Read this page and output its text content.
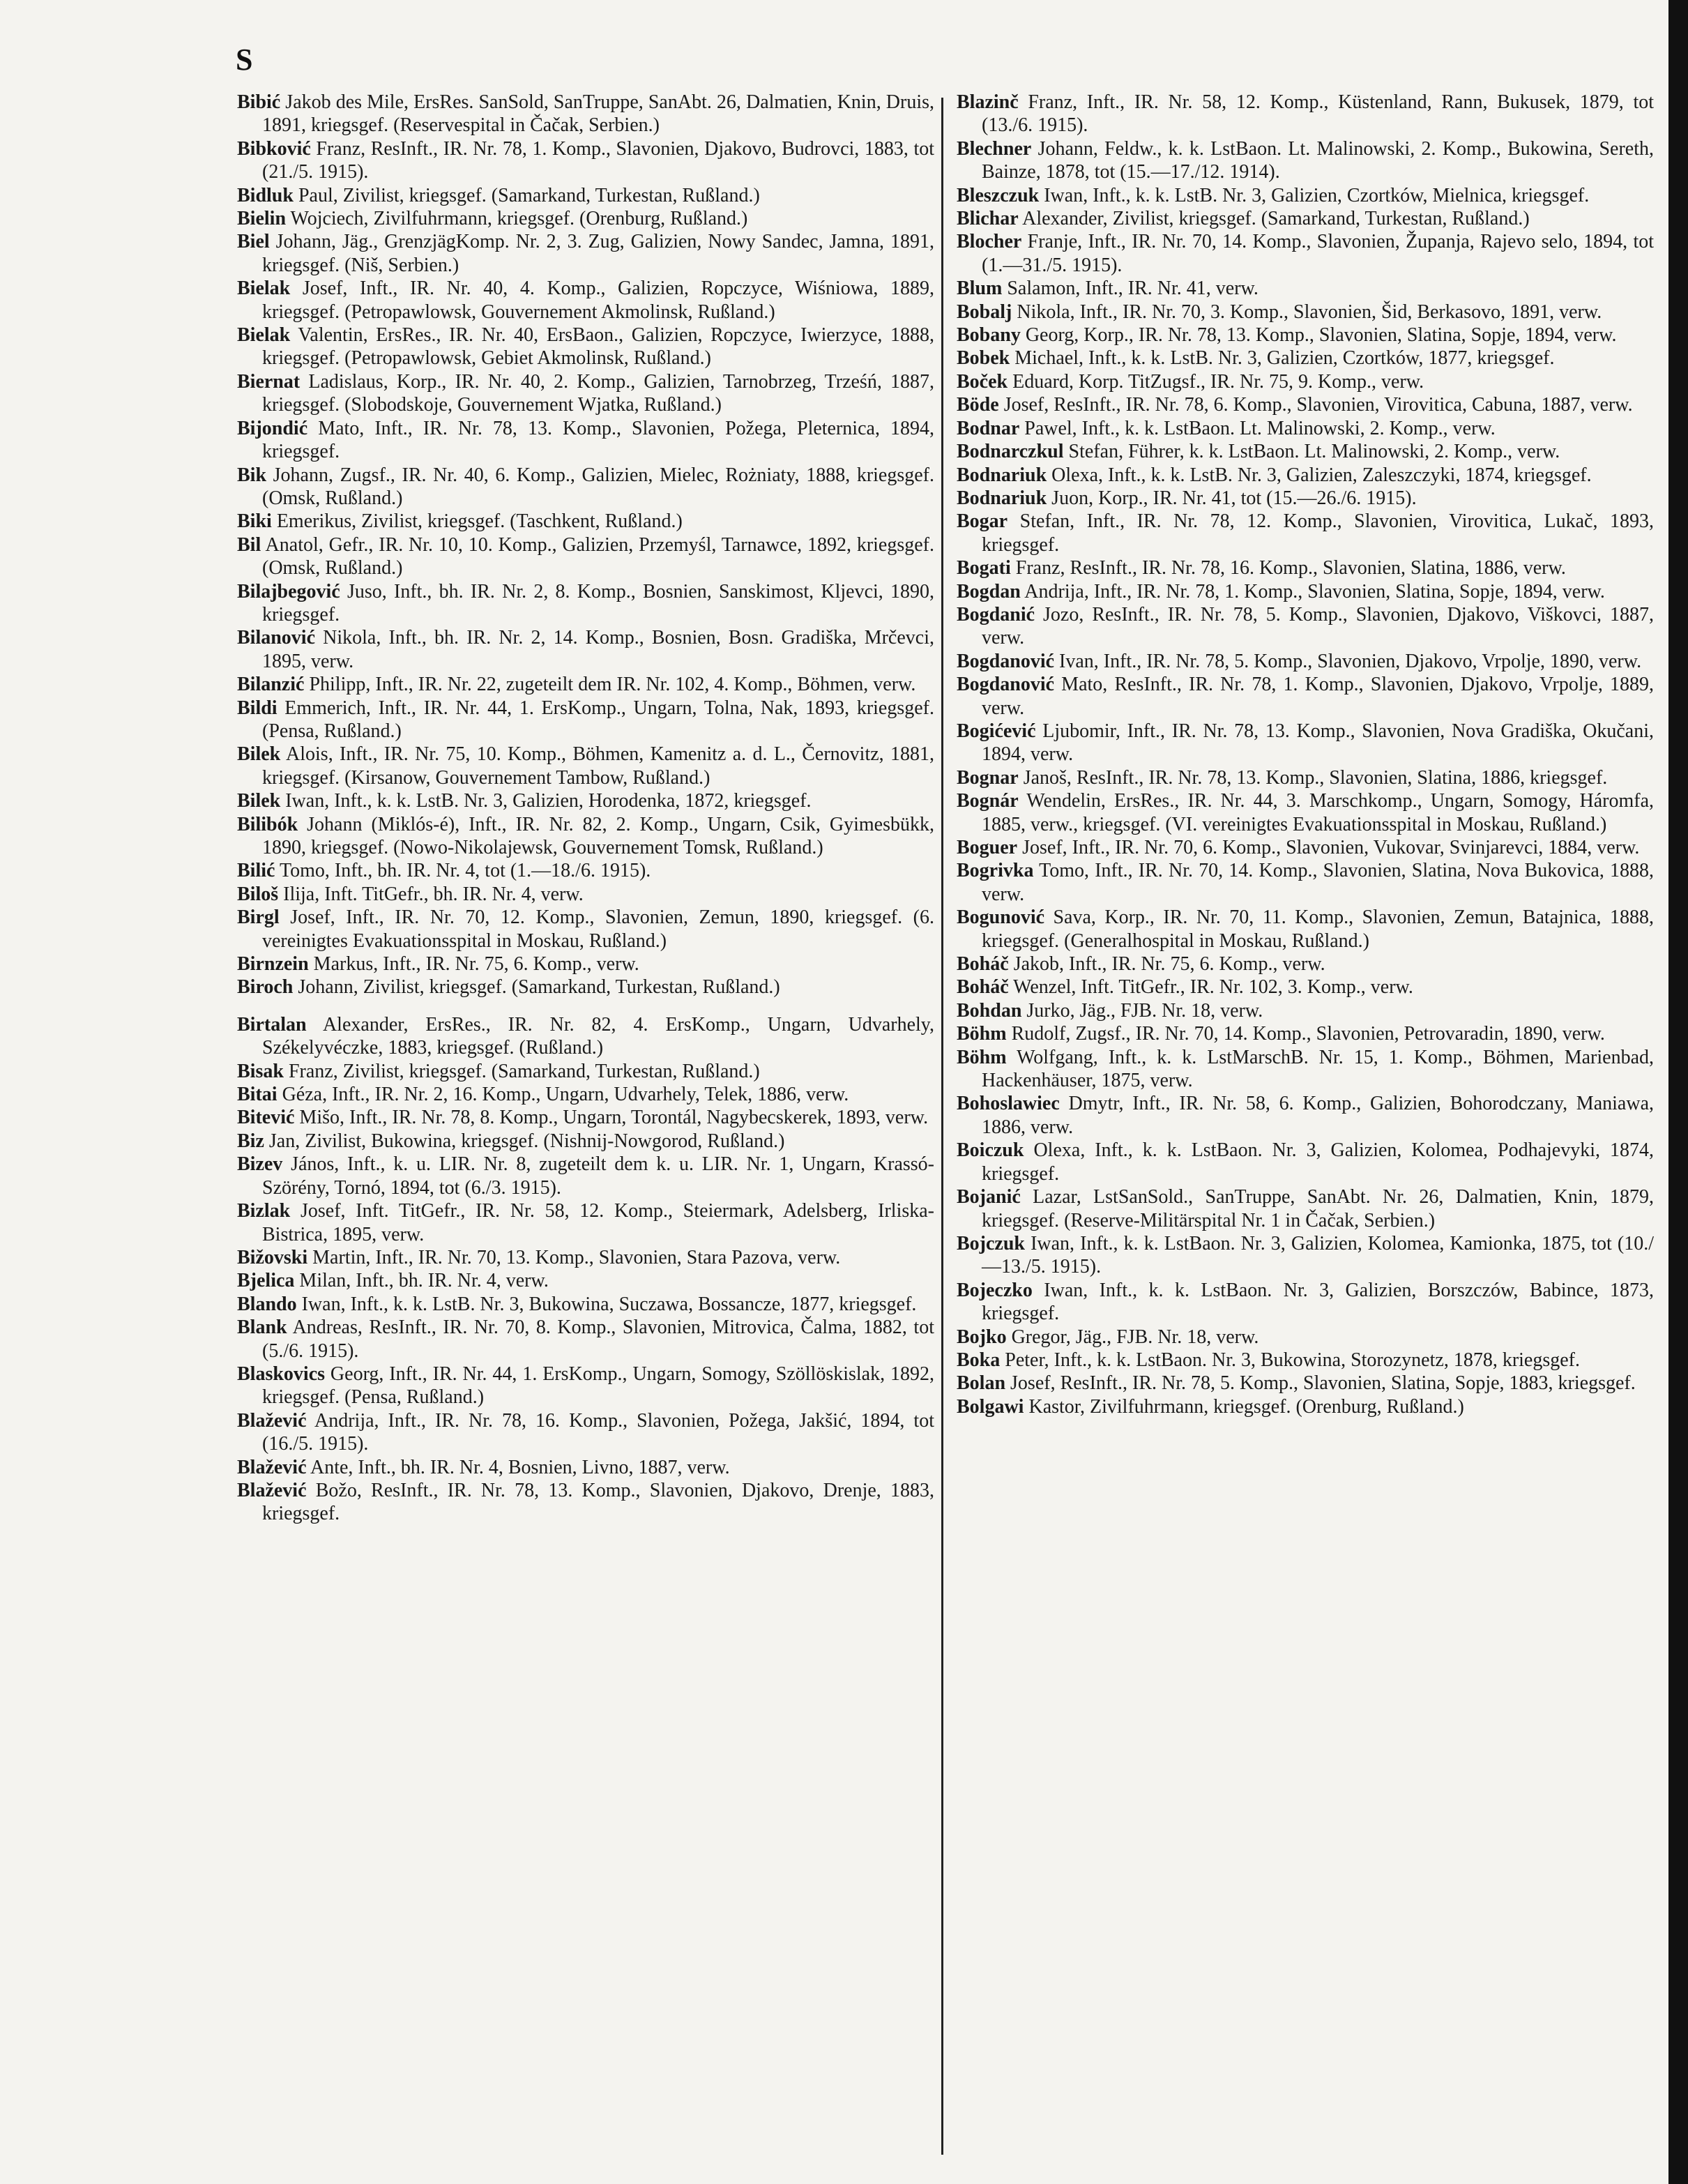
S

Bibić Jakob des Mile, ErsRes. SanSold, SanTruppe, SanAbt. 26, Dalmatien, Knin, Druis, 1891, kriegsgef. (Reservespital in Čačak, Serbien.)

Bibković Franz, ResInft., IR. Nr. 78, 1. Komp., Slavonien, Djakovo, Budrovci, 1883, tot (21./5. 1915).

Bidluk Paul, Zivilist, kriegsgef. (Samarkand, Turkestan, Rußland.)

Bielin Wojciech, Zivilfuhrmann, kriegsgef. (Orenburg, Rußland.)

Biel Johann, Jäg., GrenzjägKomp. Nr. 2, 3. Zug, Galizien, Nowy Sandec, Jamna, 1891, kriegsgef. (Niš, Serbien.)

Bielak Josef, Inft., IR. Nr. 40, 4. Komp., Galizien, Ropczyce, Wiśniowa, 1889, kriegsgef. (Petropawlowsk, Gouvernement Akmolinsk, Rußland.)

Bielak Valentin, ErsRes., IR. Nr. 40, ErsBaon., Galizien, Ropczyce, Iwierzyce, 1888, kriegsgef. (Petropawlowsk, Gebiet Akmolinsk, Rußland.)

Biernat Ladislaus, Korp., IR. Nr. 40, 2. Komp., Galizien, Tarnobrzeg, Trześń, 1887, kriegsgef. (Slobodskoje, Gouvernement Wjatka, Rußland.)

Bijondić Mato, Inft., IR. Nr. 78, 13. Komp., Slavonien, Požega, Pleternica, 1894, kriegsgef.

Bik Johann, Zugsf., IR. Nr. 40, 6. Komp., Galizien, Mielec, Rożniaty, 1888, kriegsgef. (Omsk, Rußland.)

Biki Emerikus, Zivilist, kriegsgef. (Taschkent, Rußland.)

Bil Anatol, Gefr., IR. Nr. 10, 10. Komp., Galizien, Przemyśl, Tarnawce, 1892, kriegsgef. (Omsk, Rußland.)

Bilajbegović Juso, Inft., bh. IR. Nr. 2, 8. Komp., Bosnien, Sanskimost, Kljevci, 1890, kriegsgef.

Bilanović Nikola, Inft., bh. IR. Nr. 2, 14. Komp., Bosnien, Bosn. Gradiška, Mrčevci, 1895, verw.

Bilanzić Philipp, Inft., IR. Nr. 22, zugeteilt dem IR. Nr. 102, 4. Komp., Böhmen, verw.

Bildi Emmerich, Inft., IR. Nr. 44, 1. ErsKomp., Ungarn, Tolna, Nak, 1893, kriegsgef. (Pensa, Rußland.)

Bilek Alois, Inft., IR. Nr. 75, 10. Komp., Böhmen, Kamenitz a. d. L., Černovitz, 1881, kriegsgef. (Kirsanow, Gouvernement Tambow, Rußland.)

Bilek Iwan, Inft., k. k. LstB. Nr. 3, Galizien, Horodenka, 1872, kriegsgef.

Bilibók Johann (Miklós-é), Inft., IR. Nr. 82, 2. Komp., Ungarn, Csik, Gyimesbükk, 1890, kriegsgef. (Nowo-Nikolajewsk, Gouvernement Tomsk, Rußland.)

Bilić Tomo, Inft., bh. IR. Nr. 4, tot (1.—18./6. 1915).

Biloš Ilija, Inft. TitGefr., bh. IR. Nr. 4, verw.

Birgl Josef, Inft., IR. Nr. 70, 12. Komp., Slavonien, Zemun, 1890, kriegsgef. (6. vereinigtes Evakuationsspital in Moskau, Rußland.)

Birnzein Markus, Inft., IR. Nr. 75, 6. Komp., verw.

Biroch Johann, Zivilist, kriegsgef. (Samarkand, Turkestan, Rußland.)

Birtalan Alexander, ErsRes., IR. Nr. 82, 4. ErsKomp., Ungarn, Udvarhely, Székelyvéczke, 1883, kriegsgef. (Rußland.)

Bisak Franz, Zivilist, kriegsgef. (Samarkand, Turkestan, Rußland.)

Bitai Géza, Inft., IR. Nr. 2, 16. Komp., Ungarn, Udvarhely, Telek, 1886, verw.

Bitević Mišo, Inft., IR. Nr. 78, 8. Komp., Ungarn, Torontál, Nagybecskerek, 1893, verw.

Biz Jan, Zivilist, Bukowina, kriegsgef. (Nishnij-Nowgorod, Rußland.)

Bizev János, Inft., k. u. LIR. Nr. 8, zugeteilt dem k. u. LIR. Nr. 1, Ungarn, Krassó-Szörény, Tornó, 1894, tot (6./3. 1915).

Bizlak Josef, Inft. TitGefr., IR. Nr. 58, 12. Komp., Steiermark, Adelsberg, Irliska-Bistrica, 1895, verw.

Bižovski Martin, Inft., IR. Nr. 70, 13. Komp., Slavonien, Stara Pazova, verw.

Bjelica Milan, Inft., bh. IR. Nr. 4, verw.

Blando Iwan, Inft., k. k. LstB. Nr. 3, Bukowina, Suczawa, Bossancze, 1877, kriegsgef.

Blank Andreas, ResInft., IR. Nr. 70, 8. Komp., Slavonien, Mitrovica, Čalma, 1882, tot (5./6. 1915).

Blaskovics Georg, Inft., IR. Nr. 44, 1. ErsKomp., Ungarn, Somogy, Szöllöskislak, 1892, kriegsgef. (Pensa, Rußland.)

Blažević Andrija, Inft., IR. Nr. 78, 16. Komp., Slavonien, Požega, Jakšić, 1894, tot (16./5. 1915).

Blažević Ante, Inft., bh. IR. Nr. 4, Bosnien, Livno, 1887, verw.

Blažević Božo, ResInft., IR. Nr. 78, 13. Komp., Slavonien, Djakovo, Drenje, 1883, kriegsgef.

Blazinč Franz, Inft., IR. Nr. 58, 12. Komp., Küstenland, Rann, Bukusek, 1879, tot (13./6. 1915).

Blechner Johann, Feldw., k. k. LstBaon. Lt. Malinowski, 2. Komp., Bukowina, Sereth, Bainze, 1878, tot (15.—17./12. 1914).

Bleszczuk Iwan, Inft., k. k. LstB. Nr. 3, Galizien, Czortków, Mielnica, kriegsgef.

Blichar Alexander, Zivilist, kriegsgef. (Samarkand, Turkestan, Rußland.)

Blocher Franje, Inft., IR. Nr. 70, 14. Komp., Slavonien, Županja, Rajevo selo, 1894, tot (1.—31./5. 1915).

Blum Salamon, Inft., IR. Nr. 41, verw.

Bobalj Nikola, Inft., IR. Nr. 70, 3. Komp., Slavonien, Šid, Berkasovo, 1891, verw.

Bobany Georg, Korp., IR. Nr. 78, 13. Komp., Slavonien, Slatina, Sopje, 1894, verw.

Bobek Michael, Inft., k. k. LstB. Nr. 3, Galizien, Czortków, 1877, kriegsgef.

Boček Eduard, Korp. TitZugsf., IR. Nr. 75, 9. Komp., verw.

Böde Josef, ResInft., IR. Nr. 78, 6. Komp., Slavonien, Virovitica, Cabuna, 1887, verw.

Bodnar Pawel, Inft., k. k. LstBaon. Lt. Malinowski, 2. Komp., verw.

Bodnarczkul Stefan, Führer, k. k. LstBaon. Lt. Malinowski, 2. Komp., verw.

Bodnariuk Olexa, Inft., k. k. LstB. Nr. 3, Galizien, Zaleszczyki, 1874, kriegsgef.

Bodnariuk Juon, Korp., IR. Nr. 41, tot (15.—26./6. 1915).

Bogar Stefan, Inft., IR. Nr. 78, 12. Komp., Slavonien, Virovitica, Lukač, 1893, kriegsgef.

Bogati Franz, ResInft., IR. Nr. 78, 16. Komp., Slavonien, Slatina, 1886, verw.

Bogdan Andrija, Inft., IR. Nr. 78, 1. Komp., Slavonien, Slatina, Sopje, 1894, verw.

Bogdanić Jozo, ResInft., IR. Nr. 78, 5. Komp., Slavonien, Djakovo, Viškovci, 1887, verw.

Bogdanović Ivan, Inft., IR. Nr. 78, 5. Komp., Slavonien, Djakovo, Vrpolje, 1890, verw.

Bogdanović Mato, ResInft., IR. Nr. 78, 1. Komp., Slavonien, Djakovo, Vrpolje, 1889, verw.

Bogićević Ljubomir, Inft., IR. Nr. 78, 13. Komp., Slavonien, Nova Gradiška, Okučani, 1894, verw.

Bognar Janoš, ResInft., IR. Nr. 78, 13. Komp., Slavonien, Slatina, 1886, kriegsgef.

Bognár Wendelin, ErsRes., IR. Nr. 44, 3. Marschkomp., Ungarn, Somogy, Háromfa, 1885, verw., kriegsgef. (VI. vereinigtes Evakuationsspital in Moskau, Rußland.)

Boguer Josef, Inft., IR. Nr. 70, 6. Komp., Slavonien, Vukovar, Svinjarevci, 1884, verw.

Bogrivka Tomo, Inft., IR. Nr. 70, 14. Komp., Slavonien, Slatina, Nova Bukovica, 1888, verw.

Bogunović Sava, Korp., IR. Nr. 70, 11. Komp., Slavonien, Zemun, Batajnica, 1888, kriegsgef. (Generalhospital in Moskau, Rußland.)

Boháč Jakob, Inft., IR. Nr. 75, 6. Komp., verw.

Boháč Wenzel, Inft. TitGefr., IR. Nr. 102, 3. Komp., verw.

Bohdan Jurko, Jäg., FJB. Nr. 18, verw.

Böhm Rudolf, Zugsf., IR. Nr. 70, 14. Komp., Slavonien, Petrovaradin, 1890, verw.

Böhm Wolfgang, Inft., k. k. LstMarschB. Nr. 15, 1. Komp., Böhmen, Marienbad, Hackenhäuser, 1875, verw.

Bohoslawiec Dmytr, Inft., IR. Nr. 58, 6. Komp., Galizien, Bohorodczany, Maniawa, 1886, verw.

Boiczuk Olexa, Inft., k. k. LstBaon. Nr. 3, Galizien, Kolomea, Podhajevyki, 1874, kriegsgef.

Bojanić Lazar, LstSanSold., SanTruppe, SanAbt. Nr. 26, Dalmatien, Knin, 1879, kriegsgef. (Reserve-Militärspital Nr. 1 in Čačak, Serbien.)

Bojczuk Iwan, Inft., k. k. LstBaon. Nr. 3, Galizien, Kolomea, Kamionka, 1875, tot (10./—13./5. 1915).

Bojeczko Iwan, Inft., k. k. LstBaon. Nr. 3, Galizien, Borszczów, Babince, 1873, kriegsgef.

Bojko Gregor, Jäg., FJB. Nr. 18, verw.

Boka Peter, Inft., k. k. LstBaon. Nr. 3, Bukowina, Storozynetz, 1878, kriegsgef.

Bolan Josef, ResInft., IR. Nr. 78, 5. Komp., Slavonien, Slatina, Sopje, 1883, kriegsgef.

Bolgawi Kastor, Zivilfuhrmann, kriegsgef. (Orenburg, Rußland.)
